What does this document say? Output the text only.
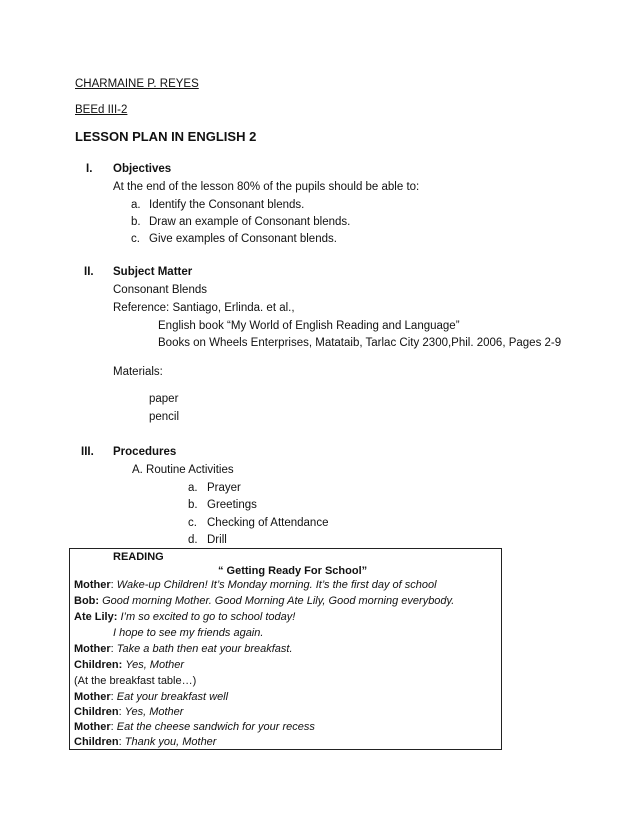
CHARMAINE P. REYES
BEEd III-2
LESSON PLAN IN ENGLISH 2
I. Objectives
At the end of the lesson 80% of the pupils should be able to:
a. Identify the Consonant blends.
b. Draw an example of Consonant blends.
c. Give examples of Consonant blends.
II. Subject Matter
Consonant Blends
Reference: Santiago, Erlinda. et al.,
English book “My World of English Reading and Language”
Books on Wheels Enterprises, Matataib, Tarlac City 2300,Phil. 2006, Pages 2-9
Materials:
paper
pencil
III. Procedures
A. Routine Activities
a. Prayer
b. Greetings
c. Checking of Attendance
d. Drill
READING
“ Getting Ready For School”
Mother: Wake-up Children! It’s Monday morning. It’s the first day of school
Bob: Good morning Mother. Good Morning Ate Lily, Good morning everybody.
Ate Lily: I’m so excited to go to school today!
I hope to see my friends again.
Mother: Take a bath then eat your breakfast.
Children: Yes, Mother
(At the breakfast table…)
Mother: Eat your breakfast well
Children: Yes, Mother
Mother: Eat the cheese sandwich for your recess
Children: Thank you, Mother
